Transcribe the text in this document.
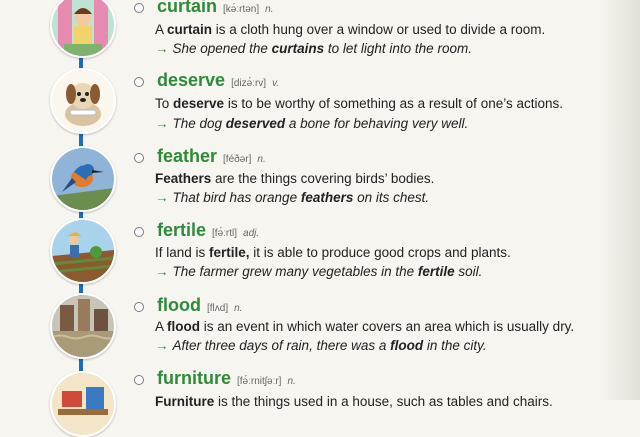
curtain [kə́ːrtən] n.
A curtain is a cloth hung over a window or used to divide a room.
→ She opened the curtains to let light into the room.
deserve [dizə́ːrv] v.
To deserve is to be worthy of something as a result of one’s actions.
→ The dog deserved a bone for behaving very well.
feather [féðər] n.
Feathers are the things covering birds’ bodies.
→ That bird has orange feathers on its chest.
fertile [fə́ːrtl] adj.
If land is fertile, it is able to produce good crops and plants.
→ The farmer grew many vegetables in the fertile soil.
flood [flʌd] n.
A flood is an event in which water covers an area which is usually dry.
→ After three days of rain, there was a flood in the city.
furniture [fə́ːrnitʃəːr] n.
Furniture is the things used in a house, such as tables and chairs.
